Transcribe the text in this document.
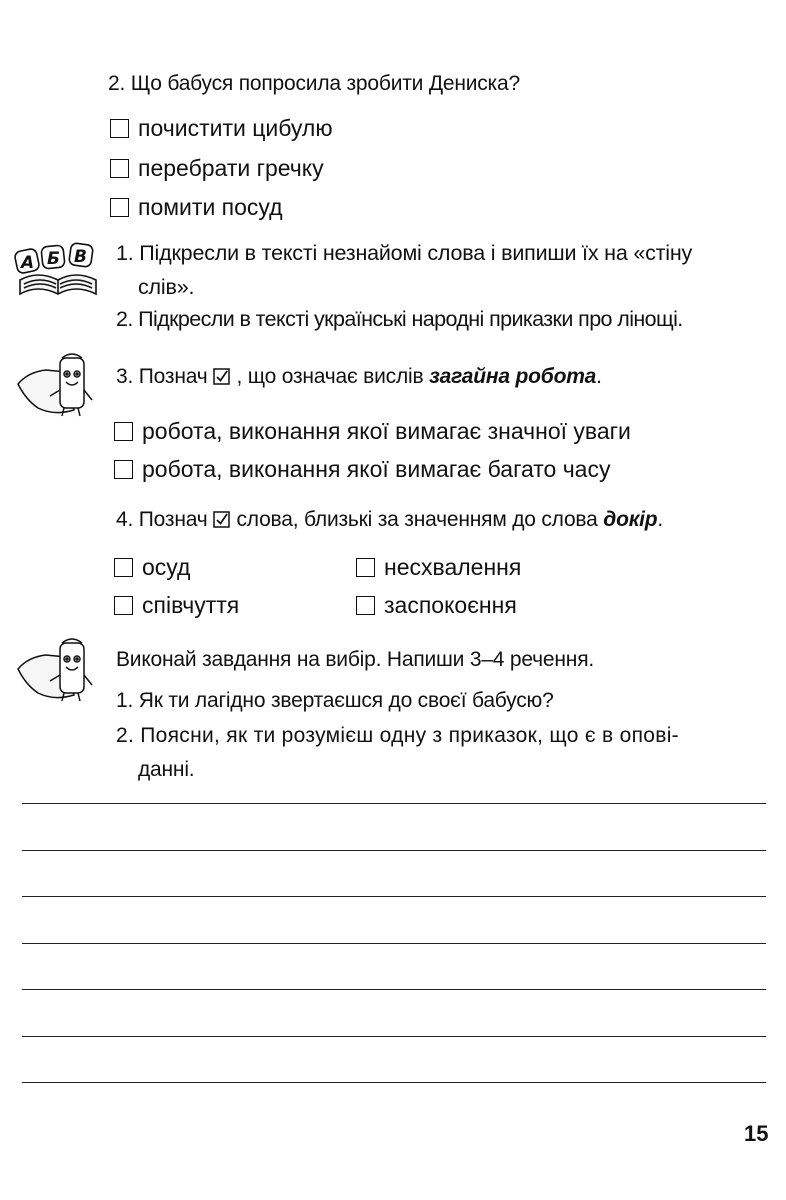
2. Що бабуся попросила зробити Дениска?
почистити цибулю
перебрати гречку
помити посуд
А Б В 1. Підкресли в тексті незнайомі слова і випиши їх на «стіну
слів».
2. Підкресли в тексті українські народні приказки про лінощі.
3. Познач , що означає вислів загайна робота.
робота, виконання якої вимагає значної уваги
робота, виконання якої вимагає багато часу
4. Познач слова, близькі за значенням до слова докір.
осуд
співчуття
несхвалення
заспокоєння
Виконай завдання на вибір. Напиши 3–4 речення.
1. Як ти лагідно звертаєшся до своєї бабусю?
2. Поясни, як ти розумієш одну з приказок, що є в опові-
данні.
15
